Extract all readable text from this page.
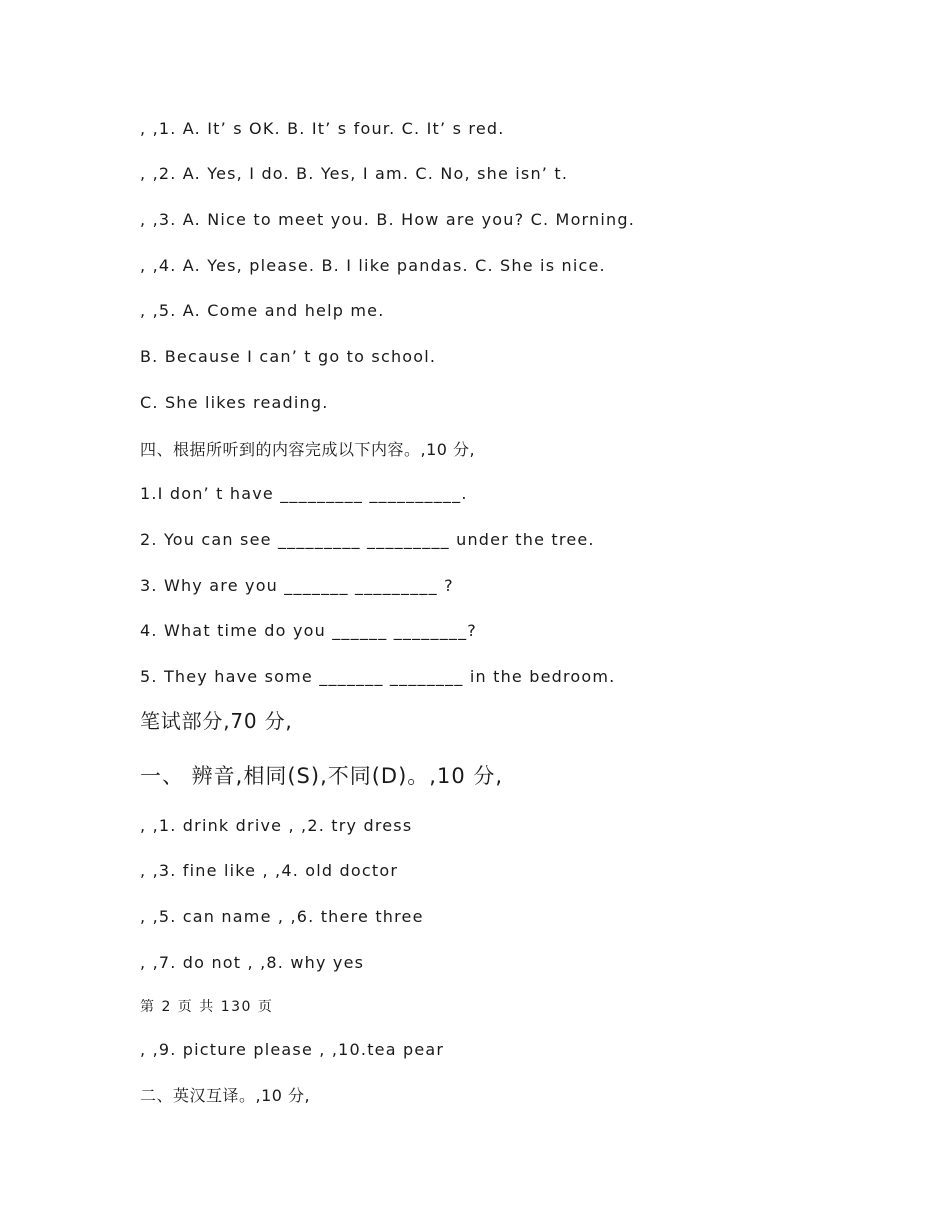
, ,1. A. It’ s OK. B. It’ s four. C. It’ s red.
, ,2. A. Yes, I do. B. Yes, I am. C. No, she isn’ t.
, ,3. A. Nice to meet you. B. How are you? C. Morning.
, ,4. A. Yes, please. B. I like pandas. C. She is nice.
, ,5. A. Come and help me.
B. Because I can’ t go to school.
C. She likes reading.
四、根据所听到的内容完成以下内容。,10 分,
1.I don’ t have _________ __________.
2. You can see _________ _________ under the tree.
3. Why are you _______ _________ ?
4. What time do you ______ ________?
5. They have some _______ ________ in the bedroom.
笔试部分,70 分,
一、 辨音,相同(S),不同(D)。,10 分,
, ,1. drink drive , ,2. try dress
, ,3. fine like , ,4. old doctor
, ,5. can name , ,6. there three
, ,7. do not , ,8. why yes
第 2 页 共 130 页
, ,9. picture please , ,10.tea pear
二、英汉互译。,10 分,
